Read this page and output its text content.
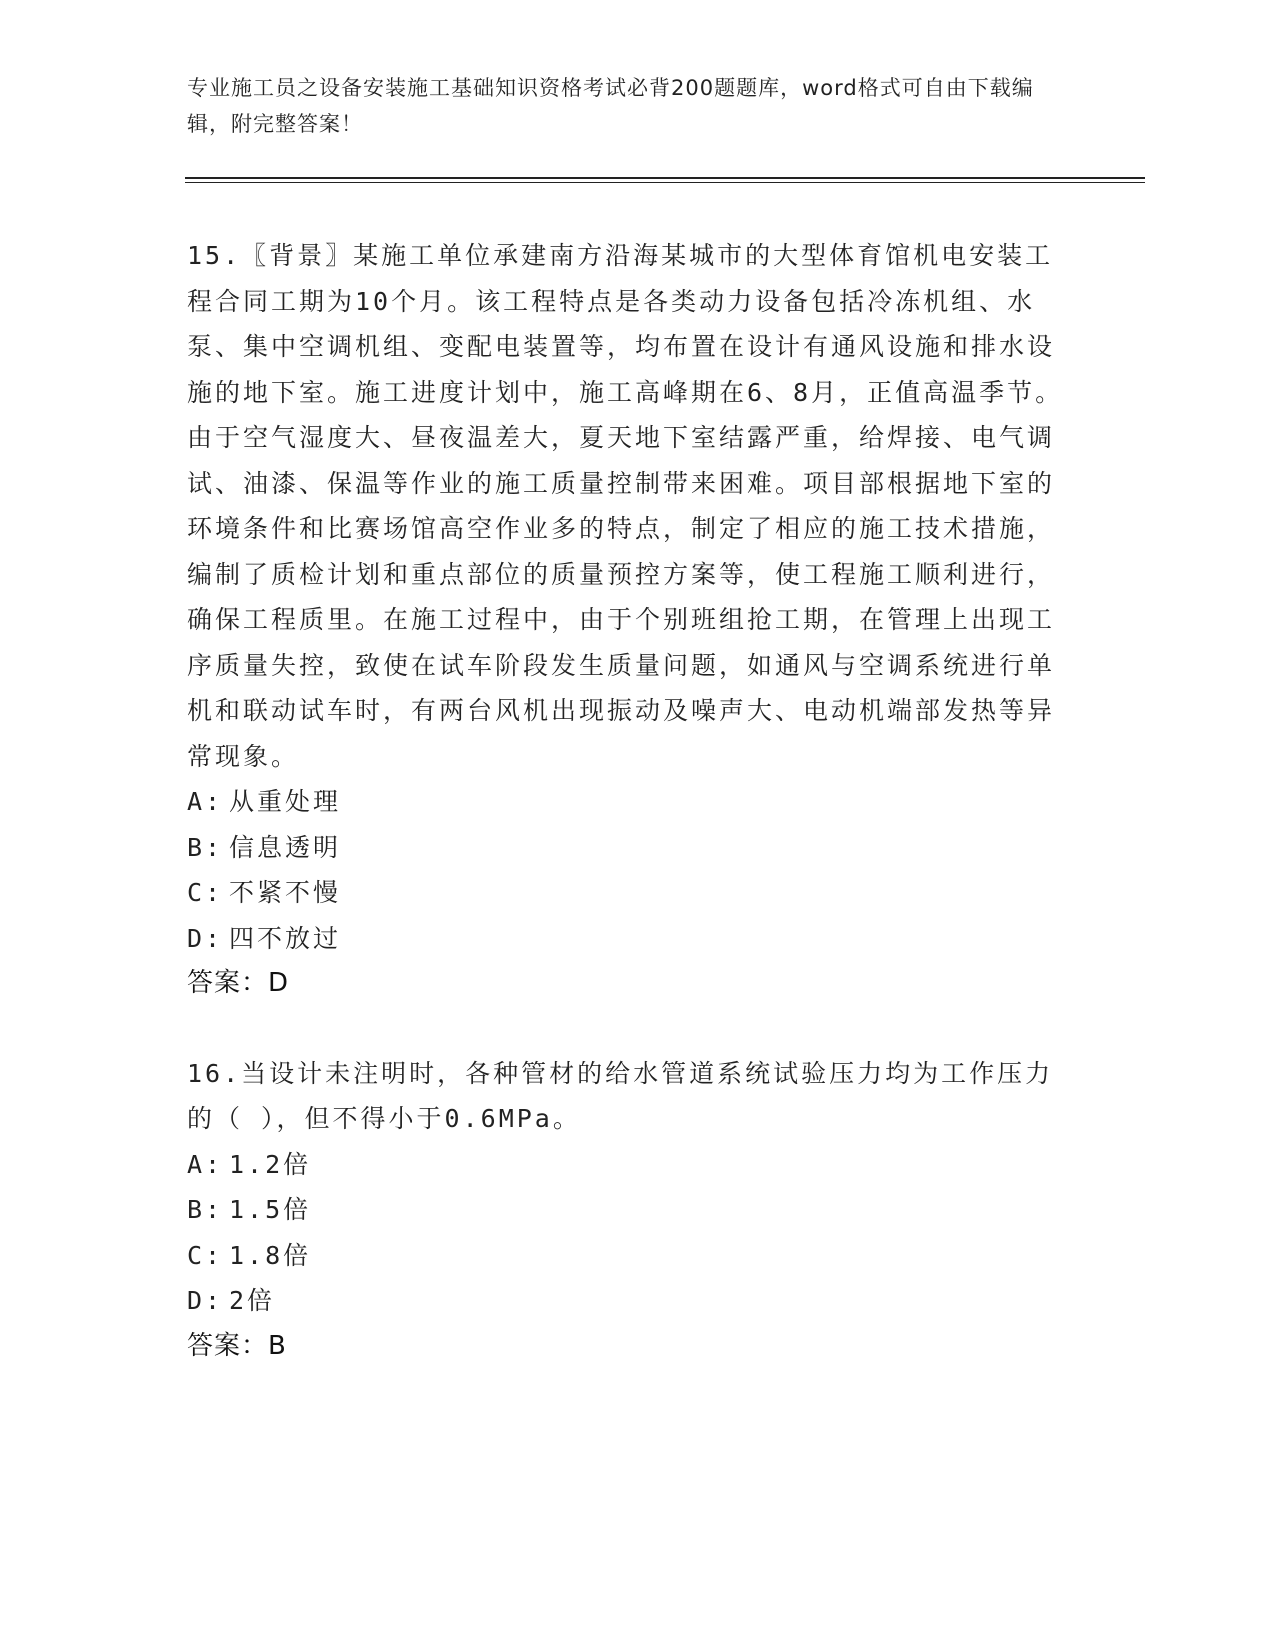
专业施工员之设备安装施工基础知识资格考试必背200题题库，word格式可自由下载编辑，附完整答案！

15.〖背景〗某施工单位承建南方沿海某城市的大型体育馆机电安装工程合同工期为10个月。该工程特点是各类动力设备包括冷冻机组、水泵、集中空调机组、变配电装置等，均布置在设计有通风设施和排水设施的地下室。施工进度计划中，施工高峰期在6、8月，正值高温季节。由于空气湿度大、昼夜温差大，夏天地下室结露严重，给焊接、电气调试、油漆、保温等作业的施工质量控制带来困难。项目部根据地下室的环境条件和比赛场馆高空作业多的特点，制定了相应的施工技术措施，编制了质检计划和重点部位的质量预控方案等，使工程施工顺利进行，确保工程质里。在施工过程中，由于个别班组抢工期，在管理上出现工序质量失控，致使在试车阶段发生质量问题，如通风与空调系统进行单机和联动试车时，有两台风机出现振动及噪声大、电动机端部发热等异常现象。

A: 从重处理
B: 信息透明
C: 不紧不慢
D: 四不放过

答案：D

16.当设计未注明时，各种管材的给水管道系统试验压力均为工作压力的（ ），但不得小于0.6MPa。

A: 1.2倍
B: 1.5倍
C: 1.8倍
D: 2倍

答案：B
